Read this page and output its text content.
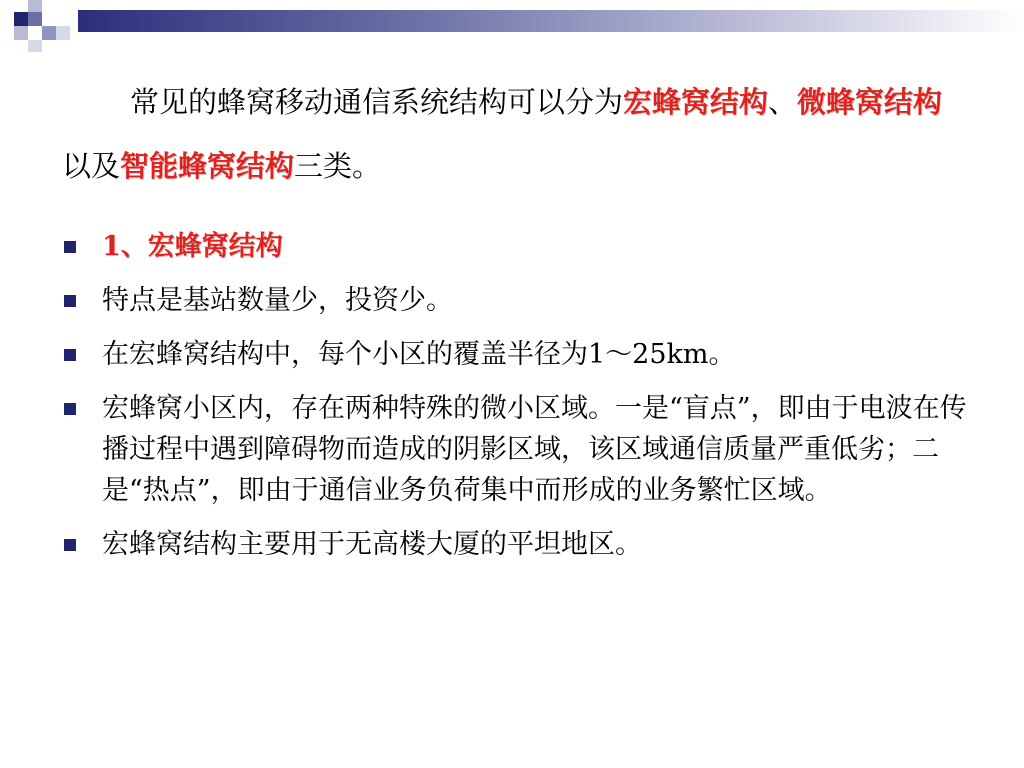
常见的蜂窝移动通信系统结构可以分为宏蜂窝结构、微蜂窝结构以及智能蜂窝结构三类。
1、宏蜂窝结构
特点是基站数量少，投资少。
在宏蜂窝结构中，每个小区的覆盖半径为1～25km。
宏蜂窝小区内，存在两种特殊的微小区域。一是“盲点”，即由于电波在传播过程中遇到障碍物而造成的阴影区域，该区域通信质量严重低劣；二是“热点”，即由于通信业务负荷集中而形成的业务繁忙区域。
宏蜂窝结构主要用于无高楼大厦的平坦地区。
